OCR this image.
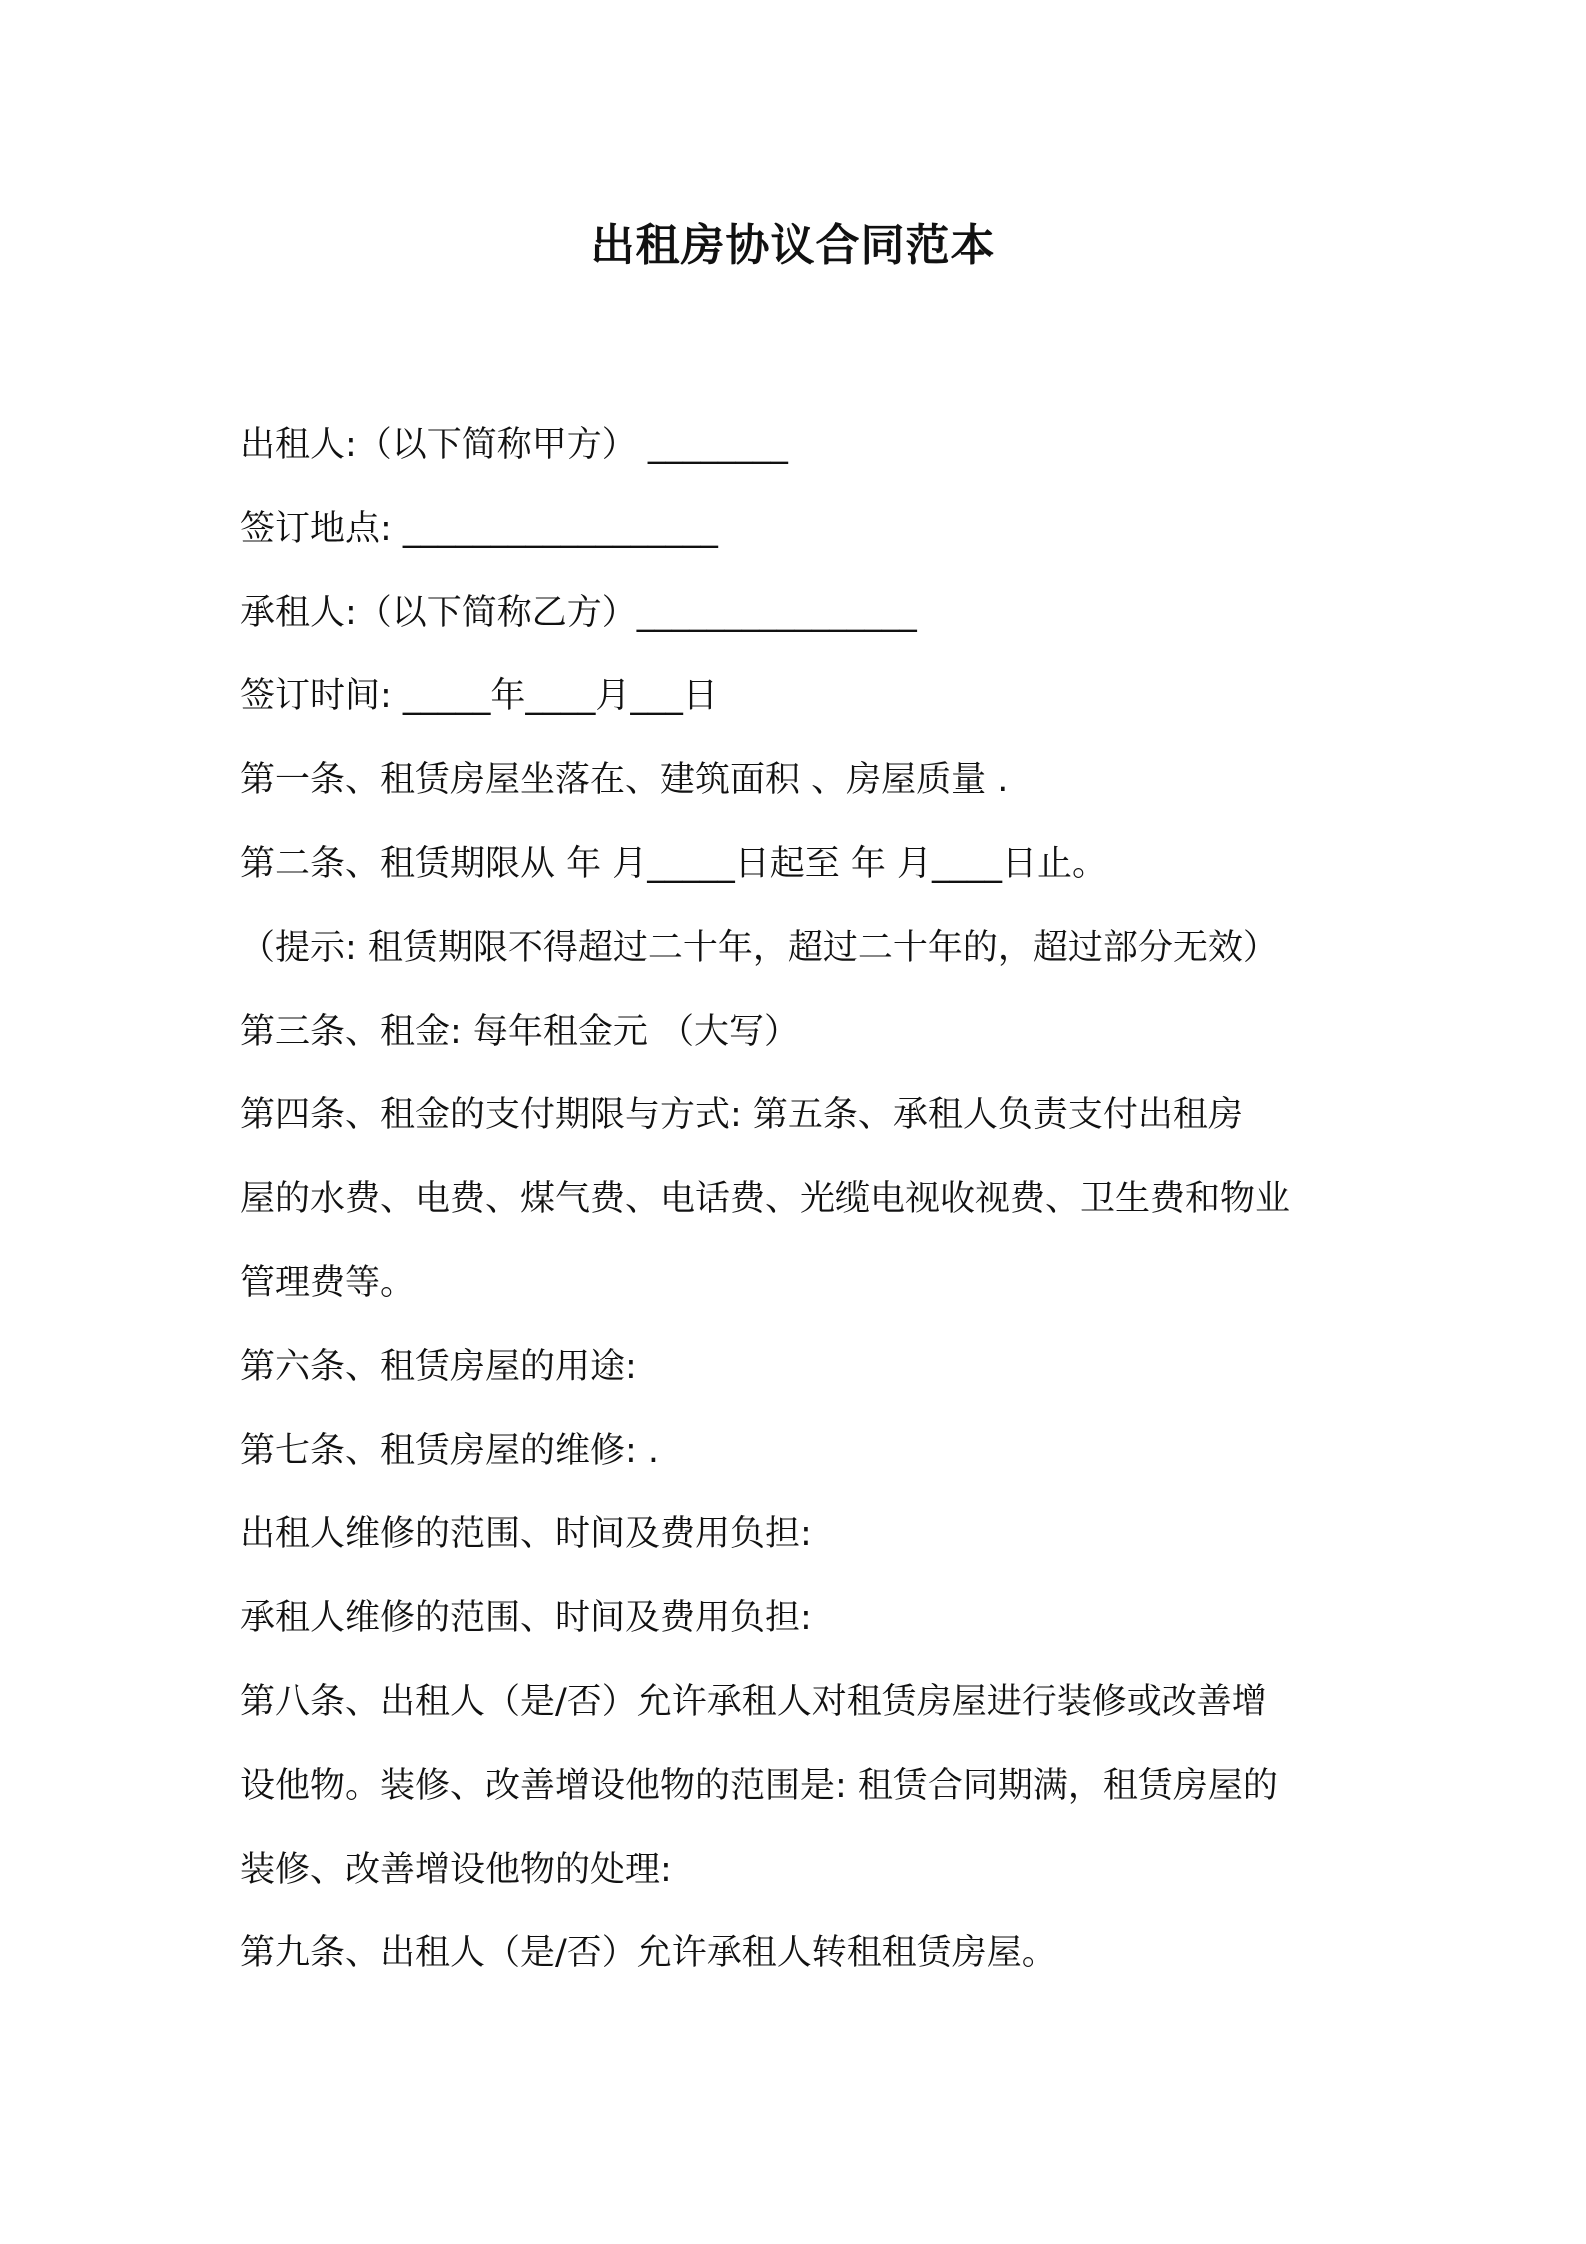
出租房协议合同范本
出租人:（以下简称甲方） ________
签订地点: __________________
承租人:（以下简称乙方）________________
签订时间: _____年____月___日
第一条、租赁房屋坐落在、建筑面积 、房屋质量 .
第二条、租赁期限从 年 月_____日起至 年 月____日止。
（提示: 租赁期限不得超过二十年，超过二十年的，超过部分无效）
第三条、租金: 每年租金元 （大写）
第四条、租金的支付期限与方式: 第五条、承租人负责支付出租房
屋的水费、电费、煤气费、电话费、光缆电视收视费、卫生费和物业
管理费等。
第六条、租赁房屋的用途:
第七条、租赁房屋的维修: .
出租人维修的范围、时间及费用负担:
承租人维修的范围、时间及费用负担:
第八条、出租人（是/否）允许承租人对租赁房屋进行装修或改善增
设他物。装修、改善增设他物的范围是: 租赁合同期满，租赁房屋的
装修、改善增设他物的处理:
第九条、出租人（是/否）允许承租人转租租赁房屋。
